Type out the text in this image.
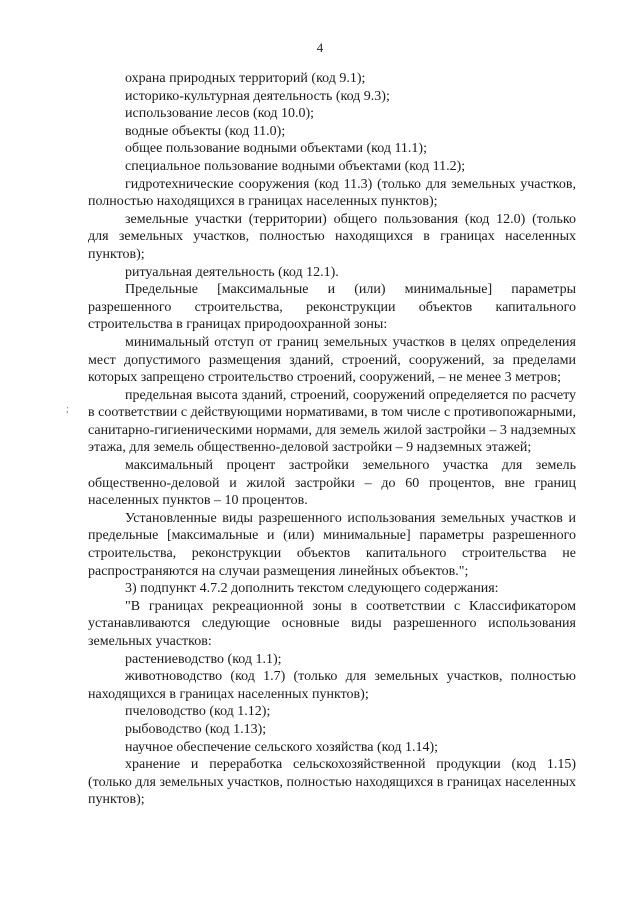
4
;

охрана природных территорий (код 9.1);

историко-культурная деятельность (код 9.3);

использование лесов (код 10.0);

водные объекты (код 11.0);

общее пользование водными объектами (код 11.1);

специальное пользование водными объектами (код 11.2);

гидротехнические сооружения (код 11.3) (только для земельных участков, полностью находящихся в границах населенных пунктов);

земельные участки (территории) общего пользования (код 12.0) (только для земельных участков, полностью находящихся в границах населенных пунктов);

ритуальная деятельность (код 12.1).

Предельные [максимальные и (или) минимальные] параметры разрешенного строительства, реконструкции объектов капитального строительства в границах природоохранной зоны:

минимальный отступ от границ земельных участков в целях определения мест допустимого размещения зданий, строений, сооружений, за пределами которых запрещено строительство строений, сооружений, – не менее 3 метров;

предельная высота зданий, строений, сооружений определяется по расчету в соответствии с действующими нормативами, в том числе с противопожарными, санитарно-гигиеническими нормами, для земель жилой застройки – 3 надземных этажа, для земель общественно-деловой застройки – 9 надземных этажей;

максимальный процент застройки земельного участка для земель общественно-деловой и жилой застройки – до 60 процентов, вне границ населенных пунктов – 10 процентов.

Установленные виды разрешенного использования земельных участков и предельные [максимальные и (или) минимальные] параметры разрешенного строительства, реконструкции объектов капитального строительства не распространяются на случаи размещения линейных объектов.";

3) подпункт 4.7.2 дополнить текстом следующего содержания:

"В границах рекреационной зоны в соответствии с Классификатором устанавливаются следующие основные виды разрешенного использования земельных участков:

растениеводство (код 1.1);

животноводство (код 1.7) (только для земельных участков, полностью находящихся в границах населенных пунктов);

пчеловодство (код 1.12);

рыбоводство (код 1.13);

научное обеспечение сельского хозяйства (код 1.14);

хранение и переработка сельскохозяйственной продукции (код 1.15) (только для земельных участков, полностью находящихся в границах населенных пунктов);
